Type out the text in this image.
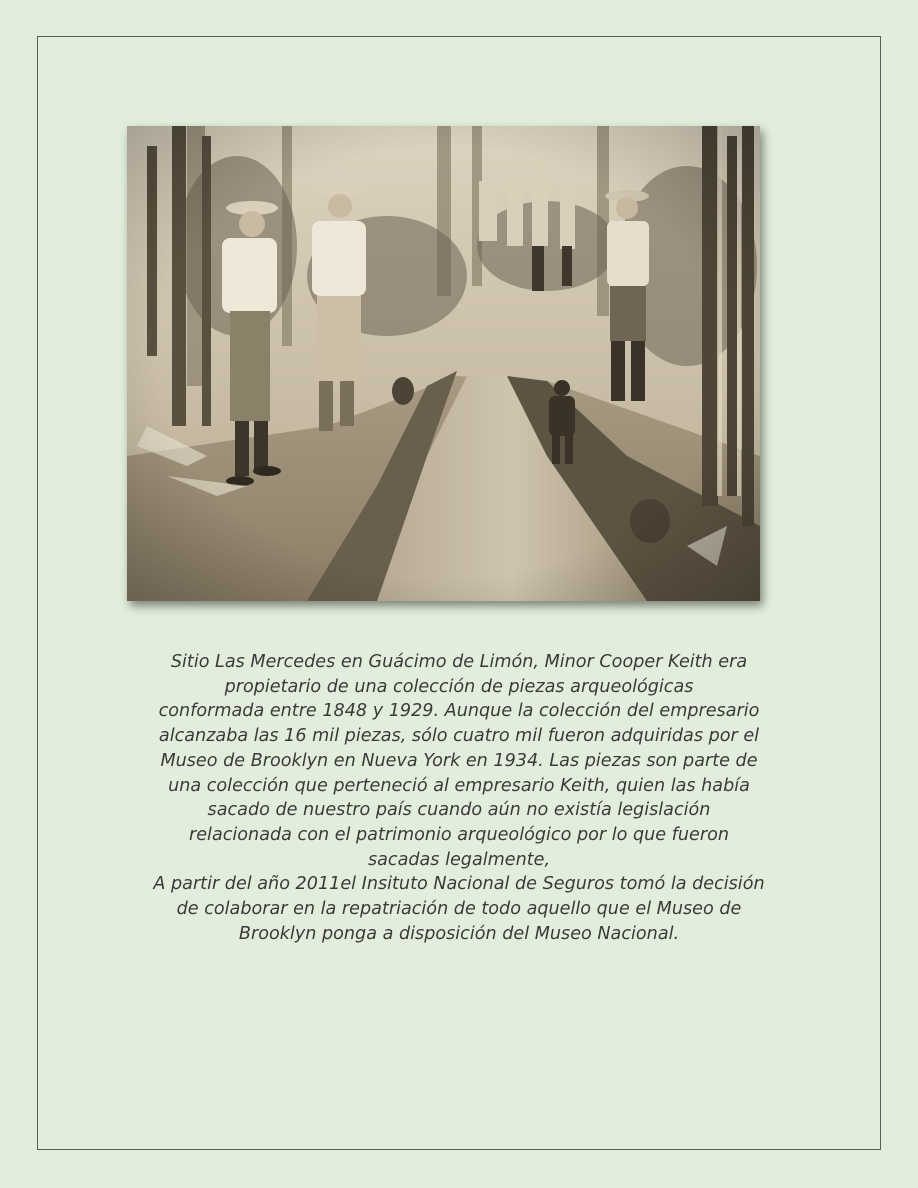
Sitio Las Mercedes en Guácimo de Limón, Minor Cooper Keith era
propietario de una colección de piezas arqueológicas
conformada entre 1848 y 1929. Aunque la colección del empresario
alcanzaba las 16 mil piezas, sólo cuatro mil fueron adquiridas por el
Museo de Brooklyn en Nueva York en 1934. Las piezas son parte de
una colección que perteneció al empresario Keith, quien las había
sacado de nuestro país cuando aún no existía legislación
relacionada con el patrimonio arqueológico por lo que fueron
sacadas legalmente,
A partir del año 2011el Insituto Nacional de Seguros tomó la decisión
de colaborar en la repatriación de todo aquello que el Museo de
Brooklyn ponga a disposición del Museo Nacional.
